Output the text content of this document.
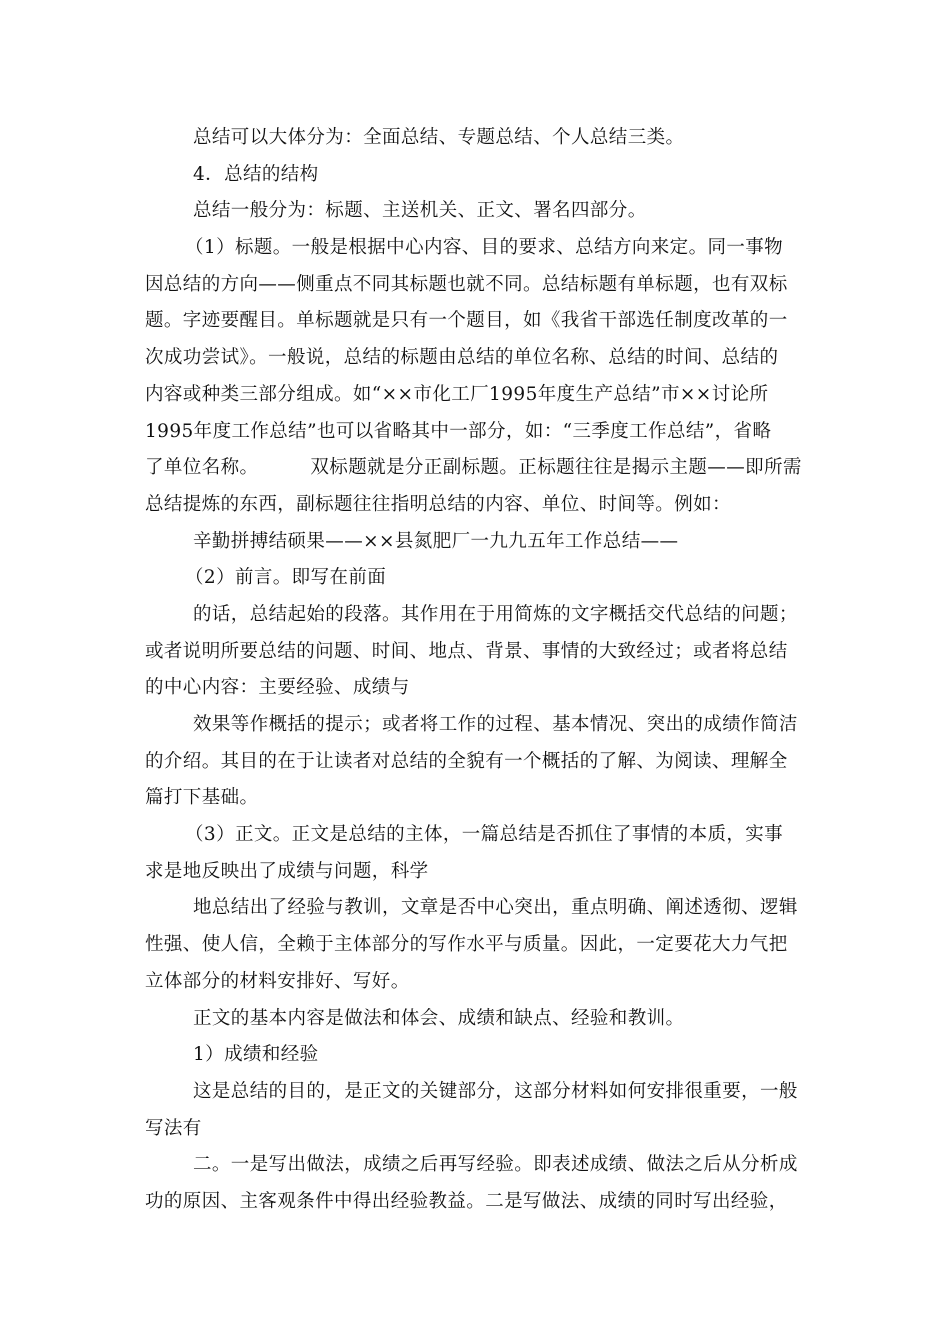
总结可以大体分为：全面总结、专题总结、个人总结三类。
4．总结的结构
总结一般分为：标题、主送机关、正文、署名四部分。
（1）标题。一般是根据中心内容、目的要求、总结方向来定。同一事物
因总结的方向——侧重点不同其标题也就不同。总结标题有单标题，也有双标
题。字迹要醒目。单标题就是只有一个题目，如《我省干部选任制度改革的一
次成功尝试》。一般说，总结的标题由总结的单位名称、总结的时间、总结的
内容或种类三部分组成。如“××市化工厂1995年度生产总结”市××讨论所
1995年度工作总结”也可以省略其中一部分，如：“三季度工作总结”，省略
了单位名称。	双标题就是分正副标题。正标题往往是揭示主题——即所需
总结提炼的东西，副标题往往指明总结的内容、单位、时间等。例如：
辛勤拼搏结硕果——××县氮肥厂一九九五年工作总结——
（2）前言。即写在前面
的话，总结起始的段落。其作用在于用简炼的文字概括交代总结的问题；
或者说明所要总结的问题、时间、地点、背景、事情的大致经过；或者将总结
的中心内容：主要经验、成绩与
效果等作概括的提示；或者将工作的过程、基本情况、突出的成绩作简洁
的介绍。其目的在于让读者对总结的全貌有一个概括的了解、为阅读、理解全
篇打下基础。
（3）正文。正文是总结的主体，一篇总结是否抓住了事情的本质，实事
求是地反映出了成绩与问题，科学
地总结出了经验与教训，文章是否中心突出，重点明确、阐述透彻、逻辑
性强、使人信，全赖于主体部分的写作水平与质量。因此，一定要花大力气把
立体部分的材料安排好、写好。
正文的基本内容是做法和体会、成绩和缺点、经验和教训。
1）成绩和经验
这是总结的目的，是正文的关键部分，这部分材料如何安排很重要，一般
写法有
二。一是写出做法，成绩之后再写经验。即表述成绩、做法之后从分析成
功的原因、主客观条件中得出经验教益。二是写做法、成绩的同时写出经验，
